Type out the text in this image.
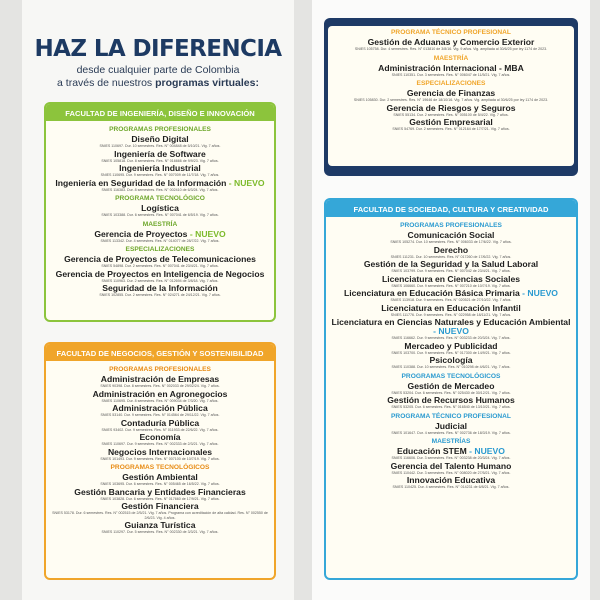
HAZ LA DIFERENCIA

desde cualquier parte de Colombia
a través de nuestros programas virtuales:

FACULTAD DE INGENIERÍA, DISEÑO E INNOVACIÓN
PROGRAMAS PROFESIONALES
Diseño Digital
SNIES 110697. Dur. 10 semestres. Res. N° 004848 de 5/10/21. Vig. 7 años.
Ingeniería de Software
SNIES 105818. Dur. 8 semestres. Res. N° 016666 de 9/9/23. Vig. 7 años.
Ingeniería Industrial
SNIES 110695. Dur. 9 semestres. Res. N° 007009 de 11/7/18. Vig. 7 años.
Ingeniería en Seguridad de la Información - NUEVO
SNIES 116383. Dur. 8 semestres. Res. N° 002410 de 6/3/24. Vig. 7 años.
PROGRAMA TECNOLÓGICO
Logística
SNIES 103388. Dur. 6 semestres. Res. N° 007041 de 6/5/19. Vig. 7 años.
MAESTRÍA
Gerencia de Proyectos - NUEVO
SNIES 113342. Dur. 4 semestres. Res. N° 014077 de 28/7/22. Vig. 7 años.
ESPECIALIZACIONES
Gerencia de Proyectos de Telecomunicaciones
SNIES 54898. Dur. 2 semestres. Res. N° 007041 de 23/4/21. Vig. 7 años.
Gerencia de Proyectos en Inteligencia de Negocios
SNIES 110963. Dur. 2 semestres. Res. N° 012694 de 3/8/18. Vig. 7 años.
Seguridad de la Información
SNIES 102855. Dur. 2 semestres. Res. N° 024271 de 24/12/21. Vig. 7 años.
FACULTAD DE NEGOCIOS, GESTIÓN Y SOSTENIBILIDAD
PROGRAMAS PROFESIONALES
Administración de Empresas
SNIES 90398. Dur. 8 semestres. Res. N° 002033 de 29/02/24. Vig. 7 años.
Administración en Agronegocios
SNIES 110695. Dur. 8 semestres. Res. N° 009034 de 7/3/20. Vig. 7 años.
Administración Pública
SNIES 53140. Dur. 9 semestres. Res. N° 014564 de 29/11/22. Vig. 7 años.
Contaduría Pública
SNIES 93402. Dur. 9 semestres. Res. N° 011933 de 22/6/22. Vig. 7 años.
Economía
SNIES 110697. Dur. 9 semestres. Res. N° 002333 de 2/3/21. Vig. 7 años.
Negocios Internacionales
SNIES 101493. Dur. 9 semestres. Res. N° 007100 de 10/7/19. Vig. 7 años.
PROGRAMAS TECNOLÓGICOS
Gestión Ambiental
SNIES 103695. Dur. 6 semestres. Res. N° 005465 de 16/5/22. Vig. 7 años.
Gestión Bancaria y Entidades Financieras
SNIES 103828. Dur. 6 semestres. Res. N° 017660 de 17/9/21. Vig. 7 años.
Gestión Financiera
SNIES 53178. Dur. 6 semestres. Res. N° 002515 de 2/5/21. Vig. 7 años. Programa con acreditación de alta calidad. Res. N° 002550 de 2/6/23. Vig. 4 años.
Guianza Turística
SNIES 110297. Dur. 5 semestres. Res. N° 002330 de 3/3/21. Vig. 7 años.
PROGRAMA TÉCNICO PROFESIONAL
Gestión de Aduanas y Comercio Exterior
SNIES 105758. Dur. 4 semestres. Res. N° 013810 de 3/8/16. Vig. 9 años. Vig. ampliada al 30/6/25 por ley 1174 de 2023.
MAESTRÍA
Administración Internacional - MBA
SNIES 110351. Dur. 3 semestres. Res. N° 006047 de 11/5/21. Vig. 7 años.
ESPECIALIZACIONES
Gerencia de Finanzas
SNIES 105830. Dur. 2 semestres. Res. N° 19646 de 18/10/16. Vig. 7 años. Vig. ampliada al 30/6/25 por ley 1174 de 2023.
Gerencia de Riesgos y Seguros
SNIES 55134. Dur. 2 semestres. Res. N° 005100 de 5/4/22. Vig. 7 años.
Gestión Empresarial
SNIES 54769. Dur. 2 semestres. Res. N° 012164 de 17/7/21. Vig. 7 años.
FACULTAD DE SOCIEDAD, CULTURA Y CREATIVIDAD
PROGRAMAS PROFESIONALES
Comunicación Social
SNIES 105274. Dur. 10 semestres. Res. N° 006033 de 17/6/22. Vig. 7 años.
Derecho
SNIES 111231. Dur. 10 semestres. Res. N° 017260 de 17/6/22. Vig. 7 años.
Gestión de la Seguridad y la Salud Laboral
SNIES 103799. Dur. 9 semestres. Res. N° 007042 de 23/4/21. Vig. 7 años.
Licenciatura en Ciencias Sociales
SNIES 106660. Dur. 9 semestres. Res. N° 007210 de 10/7/19. Vig. 7 años.
Licenciatura en Educación Básica Primaria - NUEVO
SNIES 113918. Dur. 9 semestres. Res. N° 020521 de 27/10/22. Vig. 7 años.
Licenciatura en Educación Infantil
SNIES 111776. Dur. 9 semestres. Res. N° 022958 de 18/11/21. Vig. 7 años.
Licenciatura en Ciencias Naturales y Educación Ambiental - NUEVO
SNIES 116662. Dur. 9 semestres. Res. N° 003233 de 20/3/24. Vig. 7 años.
Mercadeo y Publicidad
SNIES 103700. Dur. 9 semestres. Res. N° 017300 de 14/9/21. Vig. 7 años.
Psicología
SNIES 110388. Dur. 10 semestres. Res. N° 010298 de 4/6/21. Vig. 7 años.
PROGRAMAS TECNOLÓGICOS
Gestión de Mercadeo
SNIES 53204. Dur. 6 semestres. Res. N° 025430 de 30/12/21. Vig. 7 años.
Gestión de Recursos Humanos
SNIES 53205. Dur. 6 semestres. Res. N° 016540 de 13/10/21. Vig. 7 años.
PROGRAMA TÉCNICO PROFESIONAL
Judicial
SNIES 101647. Dur. 4 semestres. Res. N° 002736 de 18/3/19. Vig. 7 años.
MAESTRÍAS
Educación STEM - NUEVO
SNIES 116606. Dur. 3 semestres. Res. N° 003238 de 20/3/24. Vig. 7 años.
Gerencia del Talento Humano
SNIES 110442. Dur. 3 semestres. Res. N° 008020 de 27/5/21. Vig. 7 años.
Innovación Educativa
SNIES 110425. Dur. 4 semestres. Res. N° 014231 de 6/8/21. Vig. 7 años.
